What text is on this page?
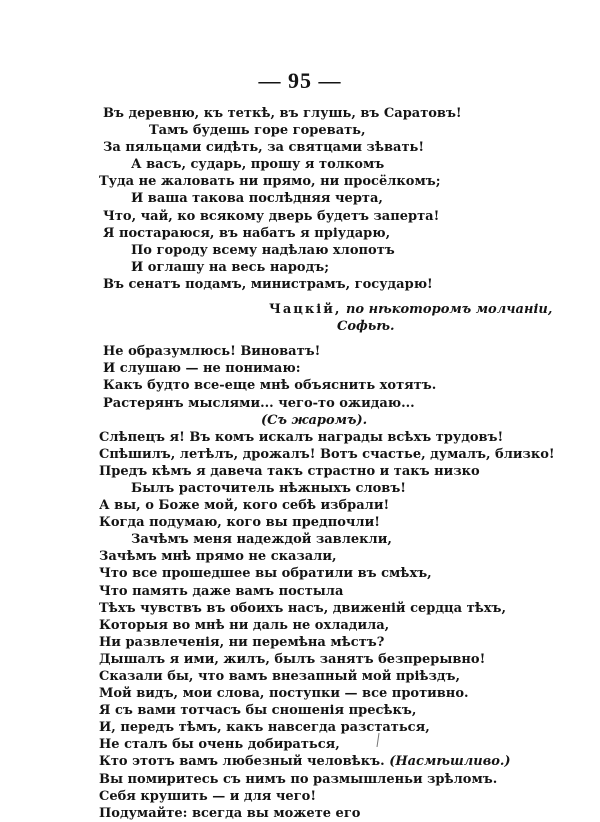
— 95 —
Въ деревню, къ теткѣ, въ глушь, въ Саратовъ!
Тамъ будешь горе горевать,
За пяльцами сидѣть, за святцами зѣвать!
А васъ, сударь, прошу я толкомъ
Туда не жаловать ни прямо, ни просёлкомъ;
И ваша такова послѣдняя черта,
Что, чай, ко всякому дверь будетъ заперта!
Я постараюся, въ набатъ я пріударю,
По городу всему надѣлаю хлопотъ
И оглашу на весь народъ;
Въ сенатъ подамъ, министрамъ, государю!
Чацкій, по нѣкоторомъ молчаніи,
Софьѣ.
Не образумлюсь! Виноватъ!
И слушаю — не понимаю:
Какъ будто все-еще мнѣ объяснить хотятъ.
Растерянъ мыслями... чего-то ожидаю...
(Съ жаромъ).
Слѣпецъ я! Въ комъ искалъ награды всѣхъ трудовъ!
Спѣшилъ, летѣлъ, дрожалъ! Вотъ счастье, думалъ, близко!
Предъ кѣмъ я давеча такъ страстно и такъ низко
Былъ расточитель нѣжныхъ словъ!
А вы, о Боже мой, кого себѣ избрали!
Когда подумаю, кого вы предпочли!
Зачѣмъ меня надеждой завлекли,
Зачѣмъ мнѣ прямо не сказали,
Что все прошедшее вы обратили въ смѣхъ,
Что память даже вамъ постыла
Тѣхъ чувствъ въ обоихъ насъ, движеній сердца тѣхъ,
Которыя во мнѣ ни даль не охладила,
Ни развлеченія, ни перемѣна мѣстъ?
Дышалъ я ими, жилъ, былъ занятъ безпрерывно!
Сказали бы, что вамъ внезапный мой пріѣздъ,
Мой видъ, мои слова, поступки — все противно.
Я съ вами тотчасъ бы сношенія пресѣкъ,
И, передъ тѣмъ, какъ навсегда разстаться,
Не сталъ бы очень добираться,
Кто этотъ вамъ любезный человѣкъ. (Насмѣшливо.)
Вы помиритесь съ нимъ по размышленьи зрѣломъ.
Себя крушить — и для чего!
Подумайте: всегда вы можете его
